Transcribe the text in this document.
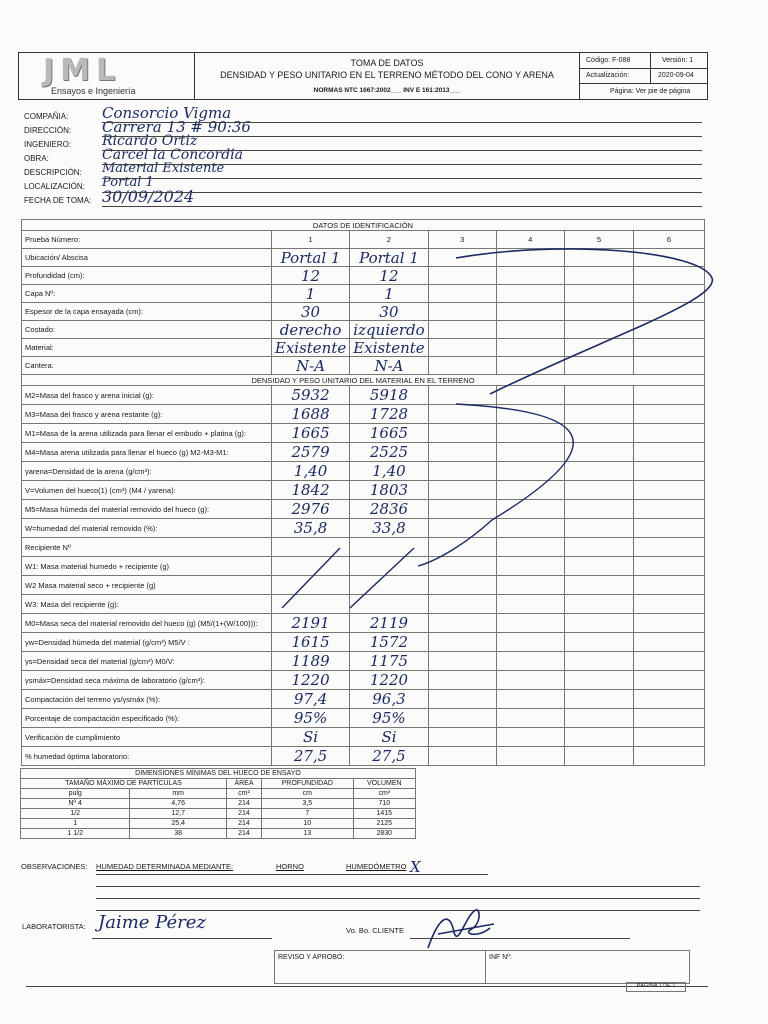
JML
Ensayos e Ingeniería
TOMA DE DATOS
DENSIDAD Y PESO UNITARIO EN EL TERRENO MÉTODO DEL CONO Y ARENA
NORMAS NTC 1667:2002___ INV E 161:2013___
Código: F-088	Versión: 1
Actualización:	2020-09-04
Página: Ver pie de página
COMPAÑIA: Consorcio Vigma
DIRECCIÓN: Carrera 13 # 90:36
INGENIERO: Ricardo Ortiz
OBRA:	Carcel la Concordia
DESCRIPCIÓN: Material Existente
LOCALIZACIÓN: Portal 1
FECHA DE TOMA: 30/09/2024
DATOS DE IDENTIFICACIÓN						
Prueba Número:	1	2	3	4	5	6
Ubicación/ Abscisa	Portal 1	Portal 1				
Profundidad (cm):	12	12				
Capa Nº:	1	1				
Espesor de la capa ensayada (cm):	30	30				
Costado:	derecho	izquierdo				
Material:	Existente	Existente				
Cantera:	N-A	N-A				
DENSIDAD Y PESO UNITARIO DEL MATERIAL EN EL TERRENO						
M2=Masa del frasco y arena inicial (g):	5932	5918				
M3=Masa del frasco y arena restante (g):	1688	1728				
M1=Masa de la arena utilizada para llenar el embudo + platina (g):	1665	1665				
M4=Masa arena utilizada para llenar el hueco (g) M2-M3-M1:	2579	2525				
γarena=Densidad de la arena (g/cm³):	1,40	1,40				
V=Volumen del hueco(1) (cm³) (M4 / γarena):	1842	1803				
M5=Masa húmeda del material removido del hueco (g):	2976	2836				
W=humedad del material removido (%):	35,8	33,8				
Recipiente Nº						
W1: Masa material humedo + recipiente (g)						
W2 Masa material seco + recipiente (g)						
W3: Masa del recipiente (g):						
M0=Masa seca del material removido del hueco (g) (M5/(1+(W/100))):	2191	2119				
γw=Densidad húmeda del material (g/cm³) M5/V :	1615	1572				
γs=Densidad seca del material (g/cm³) M0/V:	1189	1175				
γsmáx=Densidad seca máxima de laboratorio (g/cm³):	1220	1220				
Compactación del terreno γs/γsmáx (%):	97,4	96,3				
Porcentaje de compactación especificado (%):	95%	95%				
Verificación de cumplimiento	Si	Si				
% humedad óptima laboratorio:	27,5	27,5				
DIMENSIONES MÍNIMAS DEL HUECO DE ENSAYO				
TAMAÑO MÁXIMO DE PARTÍCULAS		ÁREA	PROFUNDIDAD	VOLUMEN
pulg	mm	cm²	cm	cm³
Nº 4	4,76	214	3,5	710
1/2	12,7	214	7	1415
1	25,4	214	10	2125
1 1/2	38	214	13	2830
OBSERVACIONES: HUMEDAD DETERMINADA MEDIANTE:	HORNO	HUMEDÓMETRO X
LABORATORISTA: Jaime Pérez	Vo. Bo. CLIENTE
REVISO Y APROBÓ:	INF Nº:
PÁGINA 1 DE 1
